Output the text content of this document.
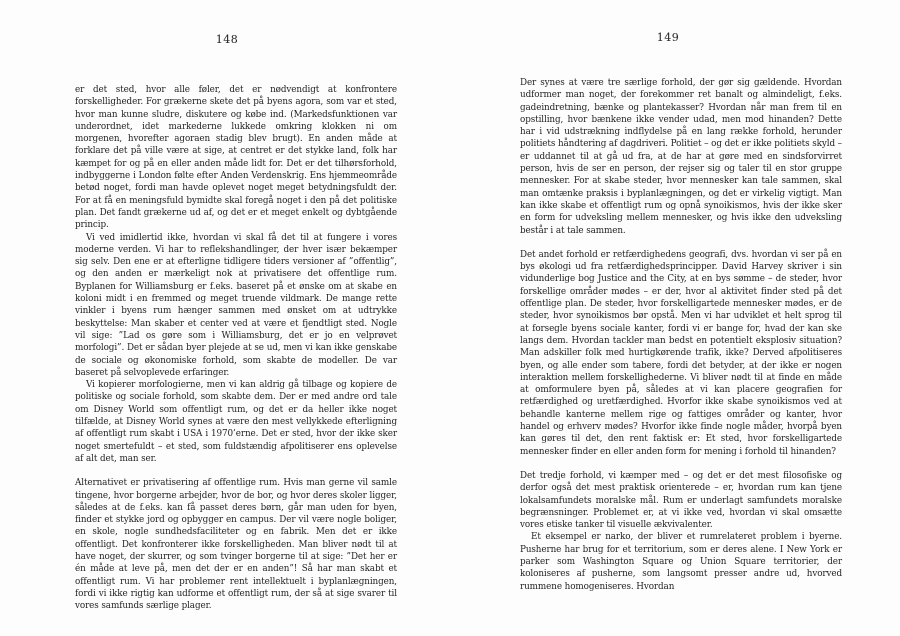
148	149

er det sted, hvor alle føler, det er nødvendigt at konfrontere forskelligheder. For grækerne skete det på byens agora, som var et sted, hvor man kunne sludre, diskutere og købe ind. (Markedsfunktionen var underordnet, idet markederne lukkede omkring klokken ni om morgenen, hvorefter agoraen stadig blev brugt). En anden måde at forklare det på ville være at sige, at centret er det stykke land, folk har kæmpet for og på en eller anden måde lidt for. Det er det tilhørsforhold, indbyggerne i London følte efter Anden Verdenskrig. Ens hjemmeområde betød noget, fordi man havde oplevet noget meget betydningsfuldt der. For at få en meningsfuld bymidte skal foregå noget i den på det politiske plan. Det fandt grækerne ud af, og det er et meget enkelt og dybtgående princip.

Vi ved imidlertid ikke, hvordan vi skal få det til at fungere i vores moderne verden. Vi har to reflekshandlinger, der hver især bekæmper sig selv. Den ene er at efterligne tidligere tiders versioner af ”offentlig”, og den anden er mærkeligt nok at privatisere det offentlige rum. Byplanen for Williamsburg er f.eks. baseret på et ønske om at skabe en koloni midt i en fremmed og meget truende vildmark. De mange rette vinkler i byens rum hænger sammen med ønsket om at udtrykke beskyttelse: Man skaber et center ved at være et fjendtligt sted. Nogle vil sige: ”Lad os gøre som i Williamsburg, det er jo en velprøvet morfologi”. Det er sådan byer plejede at se ud, men vi kan ikke genskabe de sociale og økonomiske forhold, som skabte de modeller. De var baseret på selvoplevede erfaringer.

Vi kopierer morfologierne, men vi kan aldrig gå tilbage og kopiere de politiske og sociale forhold, som skabte dem. Der er med andre ord tale om Disney World som offentligt rum, og det er da heller ikke noget tilfælde, at Disney World synes at være den mest vellykkede efterligning af offentligt rum skabt i USA i 1970’erne. Det er sted, hvor der ikke sker noget smertefuldt – et sted, som fuldstændig afpolitiserer ens oplevelse af alt det, man ser.

Alternativet er privatisering af offentlige rum. Hvis man gerne vil samle tingene, hvor borgerne arbejder, hvor de bor, og hvor deres skoler ligger, således at de f.eks. kan få passet deres børn, går man uden for byen, finder et stykke jord og opbygger en campus. Der vil være nogle boliger, en skole, nogle sundhedsfaciliteter og en fabrik. Men det er ikke offentligt. Det konfronterer ikke forskelligheden. Man bliver nødt til at have noget, der skurrer, og som tvinger borgerne til at sige: ”Det her er én måde at leve på, men det der er en anden”! Så har man skabt et offentligt rum. Vi har problemer rent intellektuelt i byplanlægningen, fordi vi ikke rigtig kan udforme et offentligt rum, der så at sige svarer til vores samfunds særlige plager.

Der synes at være tre særlige forhold, der gør sig gældende. Hvordan udformer man noget, der forekommer ret banalt og almindeligt, f.eks. gadeindretning, bænke og plantekasser? Hvordan når man frem til en opstilling, hvor bænkene ikke vender udad, men mod hinanden? Dette har i vid udstrækning indflydelse på en lang række forhold, herunder politiets håndtering af dagdriveri. Politiet – og det er ikke politiets skyld – er uddannet til at gå ud fra, at de har at gøre med en sindsforvirret person, hvis de ser en person, der rejser sig og taler til en stor gruppe mennesker. For at skabe steder, hvor mennesker kan tale sammen, skal man omtænke praksis i byplanlægningen, og det er virkelig vigtigt. Man kan ikke skabe et offentligt rum og opnå synoikismos, hvis der ikke sker en form for udveksling mellem mennesker, og hvis ikke den udveksling består i at tale sammen.

Det andet forhold er retfærdighedens geografi, dvs. hvordan vi ser på en bys økologi ud fra retfærdighedsprincipper. David Harvey skriver i sin vidunderlige bog Justice and the City, at en bys sømme – de steder, hvor forskellige områder mødes – er der, hvor al aktivitet finder sted på det offentlige plan. De steder, hvor forskelligartede mennesker mødes, er de steder, hvor synoikismos bør opstå. Men vi har udviklet et helt sprog til at forsegle byens sociale kanter, fordi vi er bange for, hvad der kan ske langs dem. Hvordan tackler man bedst en potentielt eksplosiv situation? Man adskiller folk med hurtigkørende trafik, ikke? Derved afpolitiseres byen, og alle ender som tabere, fordi det betyder, at der ikke er nogen interaktion mellem forskellighederne. Vi bliver nødt til at finde en måde at omformulere byen på, således at vi kan placere geografien for retfærdighed og uretfærdighed. Hvorfor ikke skabe synoikismos ved at behandle kanterne mellem rige og fattiges områder og kanter, hvor handel og erhverv mødes? Hvorfor ikke finde nogle måder, hvorpå byen kan gøres til det, den rent faktisk er: Et sted, hvor forskelligartede mennesker finder en eller anden form for mening i forhold til hinanden?

Det tredje forhold, vi kæmper med – og det er det mest filosofiske og derfor også det mest praktisk orienterede – er, hvordan rum kan tjene lokalsamfundets moralske mål. Rum er underlagt samfundets moralske begrænsninger. Problemet er, at vi ikke ved, hvordan vi skal omsætte vores etiske tanker til visuelle ækvivalenter.

Et eksempel er narko, der bliver et rumrelateret problem i byerne. Pusherne har brug for et territorium, som er deres alene. I New York er parker som Washington Square og Union Square territorier, der koloniseres af pusherne, som langsomt presser andre ud, hvorved rummene homogeniseres. Hvordan
